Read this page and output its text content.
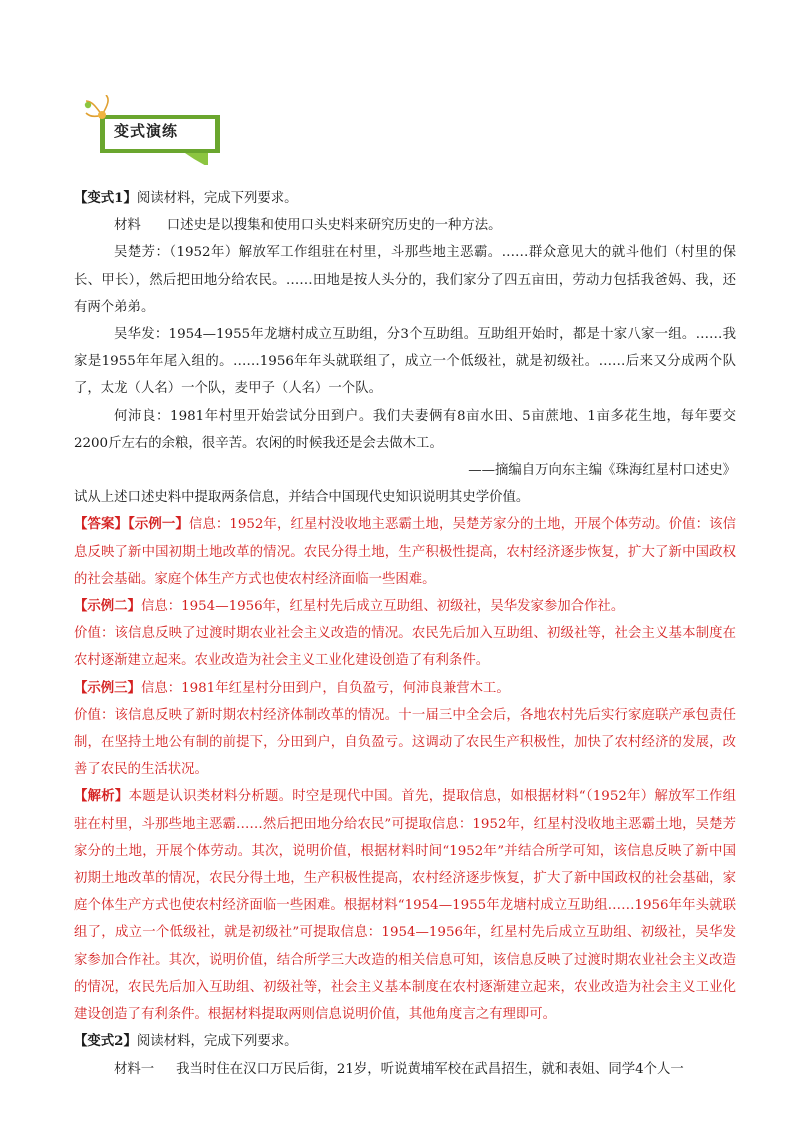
变式演练

【变式1】阅读材料，完成下列要求。

材料 口述史是以搜集和使用口头史料来研究历史的一种方法。

吴楚芳：（1952年）解放军工作组驻在村里，斗那些地主恶霸。……群众意见大的就斗他们（村里的保长、甲长），然后把田地分给农民。……田地是按人头分的，我们家分了四五亩田，劳动力包括我爸妈、我，还有两个弟弟。

吴华发：1954—1955年龙塘村成立互助组，分3个互助组。互助组开始时，都是十家八家一组。……我家是1955年年尾入组的。……1956年年头就联组了，成立一个低级社，就是初级社。……后来又分成两个队了，太龙（人名）一个队，麦甲子（人名）一个队。

何沛良：1981年村里开始尝试分田到户。我们夫妻俩有8亩水田、5亩蔗地、1亩多花生地，每年要交2200斤左右的余粮，很辛苦。农闲的时候我还是会去做木工。

——摘编自万向东主编《珠海红星村口述史》

试从上述口述史料中提取两条信息，并结合中国现代史知识说明其史学价值。

【答案】【示例一】信息：1952年，红星村没收地主恶霸土地，吴楚芳家分的土地，开展个体劳动。价值：该信息反映了新中国初期土地改革的情况。农民分得土地，生产积极性提高，农村经济逐步恢复，扩大了新中国政权的社会基础。家庭个体生产方式也使农村经济面临一些困难。

【示例二】信息：1954—1956年，红星村先后成立互助组、初级社，吴华发家参加合作社。

价值：该信息反映了过渡时期农业社会主义改造的情况。农民先后加入互助组、初级社等，社会主义基本制度在农村逐渐建立起来。农业改造为社会主义工业化建设创造了有利条件。

【示例三】信息：1981年红星村分田到户，自负盈亏，何沛良兼营木工。

价值：该信息反映了新时期农村经济体制改革的情况。十一届三中全会后，各地农村先后实行家庭联产承包责任制，在坚持土地公有制的前提下，分田到户，自负盈亏。这调动了农民生产积极性，加快了农村经济的发展，改善了农民的生活状况。

【解析】本题是认识类材料分析题。时空是现代中国。首先，提取信息，如根据材料“（1952年）解放军工作组驻在村里，斗那些地主恶霸……然后把田地分给农民”可提取信息：1952年，红星村没收地主恶霸土地，吴楚芳家分的土地，开展个体劳动。其次，说明价值，根据材料时间“1952年”并结合所学可知，该信息反映了新中国初期土地改革的情况，农民分得土地，生产积极性提高，农村经济逐步恢复，扩大了新中国政权的社会基础，家庭个体生产方式也使农村经济面临一些困难。根据材料“1954—1955年龙塘村成立互助组……1956年年头就联组了，成立一个低级社，就是初级社”可提取信息：1954—1956年，红星村先后成立互助组、初级社，吴华发家参加合作社。其次，说明价值，结合所学三大改造的相关信息可知，该信息反映了过渡时期农业社会主义改造的情况，农民先后加入互助组、初级社等，社会主义基本制度在农村逐渐建立起来，农业改造为社会主义工业化建设创造了有利条件。根据材料提取两则信息说明价值，其他角度言之有理即可。

【变式2】阅读材料，完成下列要求。

材料一 我当时住在汉口万民后街，21岁，听说黄埔军校在武昌招生，就和表姐、同学4个人一
